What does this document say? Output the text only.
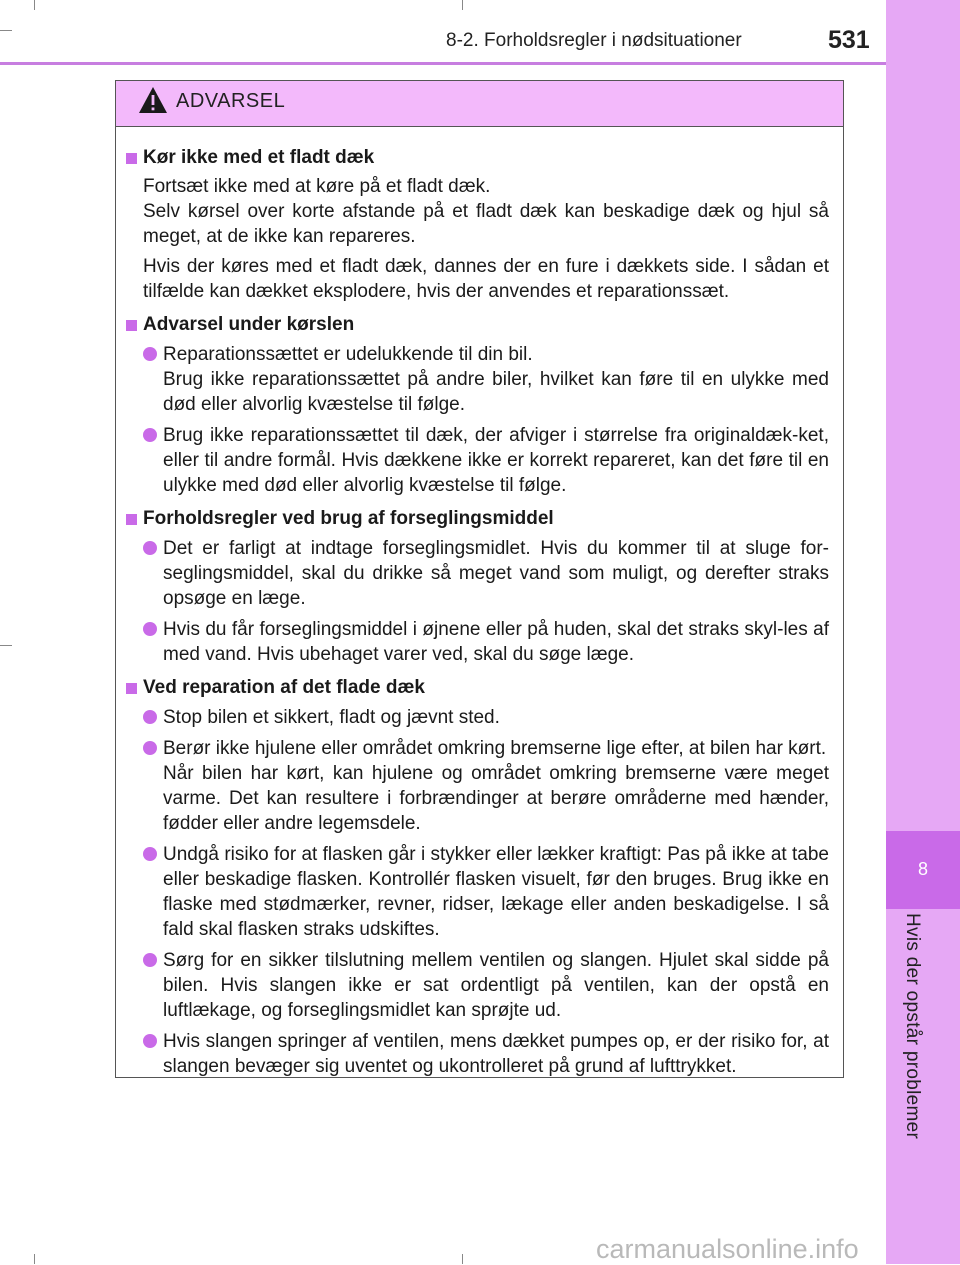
8-2. Forholdsregler i nødsituationer	531
8
Hvis der opstår problemer
ADVARSEL
Kør ikke med et fladt dæk
Fortsæt ikke med at køre på et fladt dæk.
Selv kørsel over korte afstande på et fladt dæk kan beskadige dæk og hjul så meget, at de ikke kan repareres.
Hvis der køres med et fladt dæk, dannes der en fure i dækkets side. I sådan et tilfælde kan dækket eksplodere, hvis der anvendes et reparationssæt.
Advarsel under kørslen
Reparationssættet er udelukkende til din bil.
Brug ikke reparationssættet på andre biler, hvilket kan føre til en ulykke med død eller alvorlig kvæstelse til følge.
Brug ikke reparationssættet til dæk, der afviger i størrelse fra originaldæk-ket, eller til andre formål. Hvis dækkene ikke er korrekt repareret, kan det føre til en ulykke med død eller alvorlig kvæstelse til følge.
Forholdsregler ved brug af forseglingsmiddel
Det er farligt at indtage forseglingsmidlet. Hvis du kommer til at sluge for-seglingsmiddel, skal du drikke så meget vand som muligt, og derefter straks opsøge en læge.
Hvis du får forseglingsmiddel i øjnene eller på huden, skal det straks skyl-les af med vand. Hvis ubehaget varer ved, skal du søge læge.
Ved reparation af det flade dæk
Stop bilen et sikkert, fladt og jævnt sted.
Berør ikke hjulene eller området omkring bremserne lige efter, at bilen har kørt.
Når bilen har kørt, kan hjulene og området omkring bremserne være meget varme. Det kan resultere i forbrændinger at berøre områderne med hænder, fødder eller andre legemsdele.
Undgå risiko for at flasken går i stykker eller lækker kraftigt: Pas på ikke at tabe eller beskadige flasken. Kontrollér flasken visuelt, før den bruges. Brug ikke en flaske med stødmærker, revner, ridser, lækage eller anden beskadigelse. I så fald skal flasken straks udskiftes.
Sørg for en sikker tilslutning mellem ventilen og slangen. Hjulet skal sidde på bilen. Hvis slangen ikke er sat ordentligt på ventilen, kan der opstå en luftlækage, og forseglingsmidlet kan sprøjte ud.
Hvis slangen springer af ventilen, mens dækket pumpes op, er der risiko for, at slangen bevæger sig uventet og ukontrolleret på grund af lufttrykket.
carmanualsonline.info
